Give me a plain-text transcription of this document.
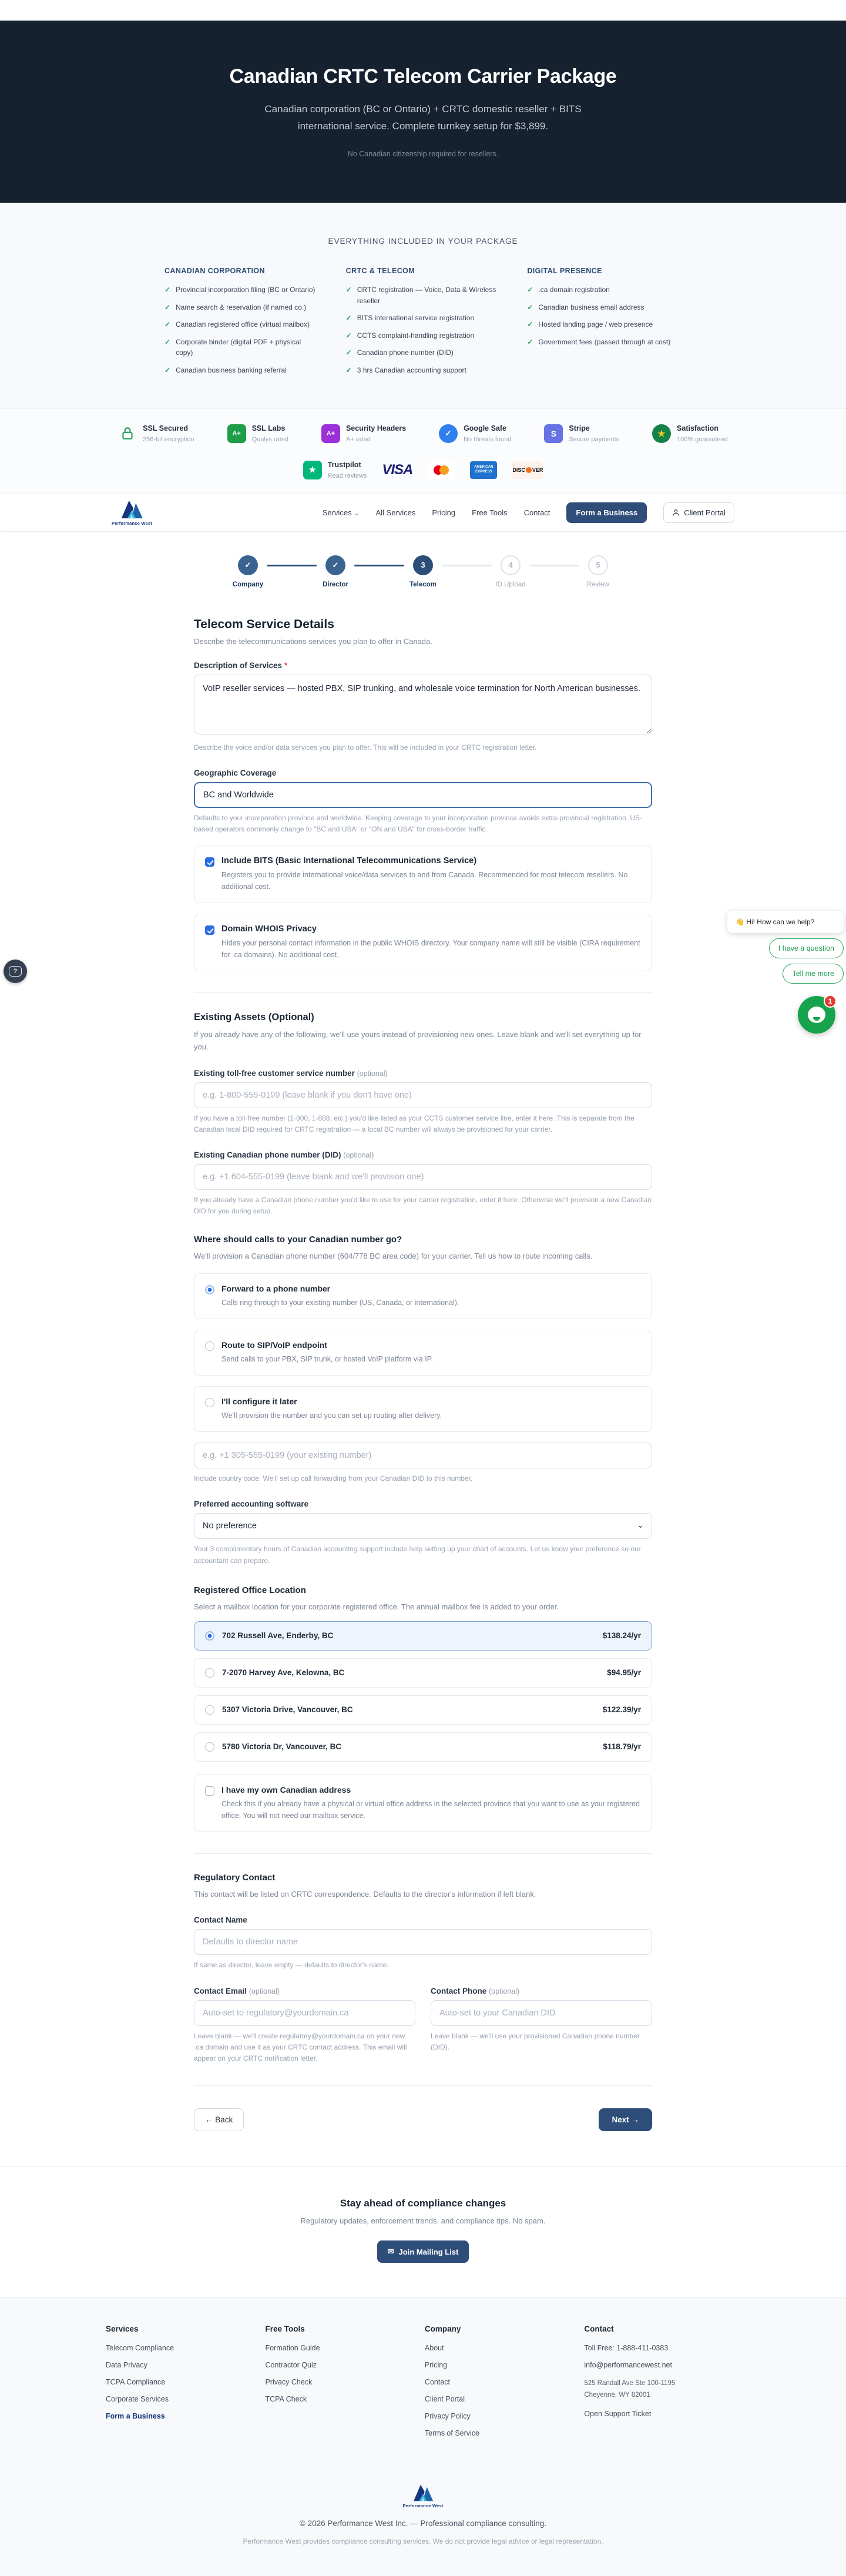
Canadian CRTC Telecom Carrier Package
Canadian corporation (BC or Ontario) + CRTC domestic reseller + BITS international service. Complete turnkey setup for $3,899.
No Canadian citizenship required for resellers.
EVERYTHING INCLUDED IN YOUR PACKAGE
CANADIAN CORPORATION
✓ Provincial incorporation filing (BC or Ontario)
✓ Name search & reservation (if named co.)
✓ Canadian registered office (virtual mailbox)
✓ Corporate binder (digital PDF + physical copy)
✓ Canadian business banking referral
CRTC & TELECOM
✓ CRTC registration — Voice, Data & Wireless reseller
✓ BITS international service registration
✓ CCTS complaint-handling registration
✓ Canadian phone number (DID)
✓ 3 hrs Canadian accounting support
DIGITAL PRESENCE
✓ .ca domain registration
✓ Canadian business email address
✓ Hosted landing page / web presence
✓ Government fees (passed through at cost)
SSL Secured
256-bit encryption
A+
SSL Labs
Qualys rated
A+
Security Headers
A+ rated
✓
Google Safe
No threats found
S
Stripe
Secure payments
★
Satisfaction
100% guaranteed
★
Trustpilot
Read reviews VISA	AMERICAN EXPRESS	DISC VER
Performance West
Services ⌄ All Services Pricing Free Tools Contact	Form a Business	Client Portal
✓
Company
✓
Director
3
Telecom
4
ID Upload
5
Review
Telecom Service Details
Describe the telecommunications services you plan to offer in Canada.
Description of Services *
VoIP reseller services — hosted PBX, SIP trunking, and wholesale voice termination for North American businesses.
Describe the voice and/or data services you plan to offer. This will be included in your CRTC registration letter.
Geographic Coverage
BC and Worldwide
Defaults to your incorporation province and worldwide. Keeping coverage to your incorporation province avoids extra-provincial registration. US-based operators commonly change to "BC and USA" or "ON and USA" for cross-border traffic.
Include BITS (Basic International Telecommunications Service)
Registers you to provide international voice/data services to and from Canada. Recommended for most telecom resellers. No additional cost.
Domain WHOIS Privacy
Hides your personal contact information in the public WHOIS directory. Your company name will still be visible (CIRA requirement for .ca domains). No additional cost.
Existing Assets (Optional)
If you already have any of the following, we'll use yours instead of provisioning new ones. Leave blank and we'll set everything up for you.
Existing toll-free customer service number (optional)
e.g. 1-800-555-0199 (leave blank if you don't have one)
If you have a toll-free number (1-800, 1-888, etc.) you'd like listed as your CCTS customer service line, enter it here. This is separate from the Canadian local DID required for CRTC registration — a local BC number will always be provisioned for your carrier.
Existing Canadian phone number (DID) (optional)
e.g. +1 604-555-0199 (leave blank and we'll provision one)
If you already have a Canadian phone number you'd like to use for your carrier registration, enter it here. Otherwise we'll provision a new Canadian DID for you during setup.
Where should calls to your Canadian number go?
We'll provision a Canadian phone number (604/778 BC area code) for your carrier. Tell us how to route incoming calls.
Forward to a phone number
Calls ring through to your existing number (US, Canada, or international).
Route to SIP/VoIP endpoint
Send calls to your PBX, SIP trunk, or hosted VoIP platform via IP.
I'll configure it later
We'll provision the number and you can set up routing after delivery.
e.g. +1 305-555-0199 (your existing number)
Include country code. We'll set up call forwarding from your Canadian DID to this number.
Preferred accounting software
No preference
⌄
Your 3 complimentary hours of Canadian accounting support include help setting up your chart of accounts. Let us know your preference so our accountant can prepare.
Registered Office Location
Select a mailbox location for your corporate registered office. The annual mailbox fee is added to your order.
702 Russell Ave, Enderby, BC	$138.24/yr
7-2070 Harvey Ave, Kelowna, BC	$94.95/yr
5307 Victoria Drive, Vancouver, BC	$122.39/yr
5780 Victoria Dr, Vancouver, BC	$118.79/yr
I have my own Canadian address
Check this if you already have a physical or virtual office address in the selected province that you want to use as your registered office. You will not need our mailbox service.
Regulatory Contact
This contact will be listed on CRTC correspondence. Defaults to the director's information if left blank.
Contact Name
Defaults to director name
If same as director, leave empty — defaults to director's name.
Contact Email (optional)
Auto-set to regulatory@yourdomain.ca
Leave blank — we'll create regulatory@yourdomain.ca on your new .ca domain and use it as your CRTC contact address. This email will appear on your CRTC notification letter.
Contact Phone (optional)
Auto-set to your Canadian DID
Leave blank — we'll use your provisioned Canadian phone number (DID).
← Back	Next →
Stay ahead of compliance changes

Regulatory updates, enforcement trends, and compliance tips. No spam.

✉ Join Mailing List
Services
Telecom Compliance
Data Privacy
TCPA Compliance
Corporate Services
Form a Business
Free Tools
Formation Guide
Contractor Quiz
Privacy Check
TCPA Check
Company
About
Pricing
Contact
Client Portal
Privacy Policy
Terms of Service
Contact
Toll Free: 1-888-411-0383
info@performancewest.net
525 Randall Ave Ste 100-1195
Cheyenne, WY 82001
Open Support Ticket
Performance West
© 2026 Performance West Inc. — Professional compliance consulting.
Performance West provides compliance consulting services. We do not provide legal advice or legal representation.
?
👋 Hi! How can we help?
I have a question
Tell me more
1
